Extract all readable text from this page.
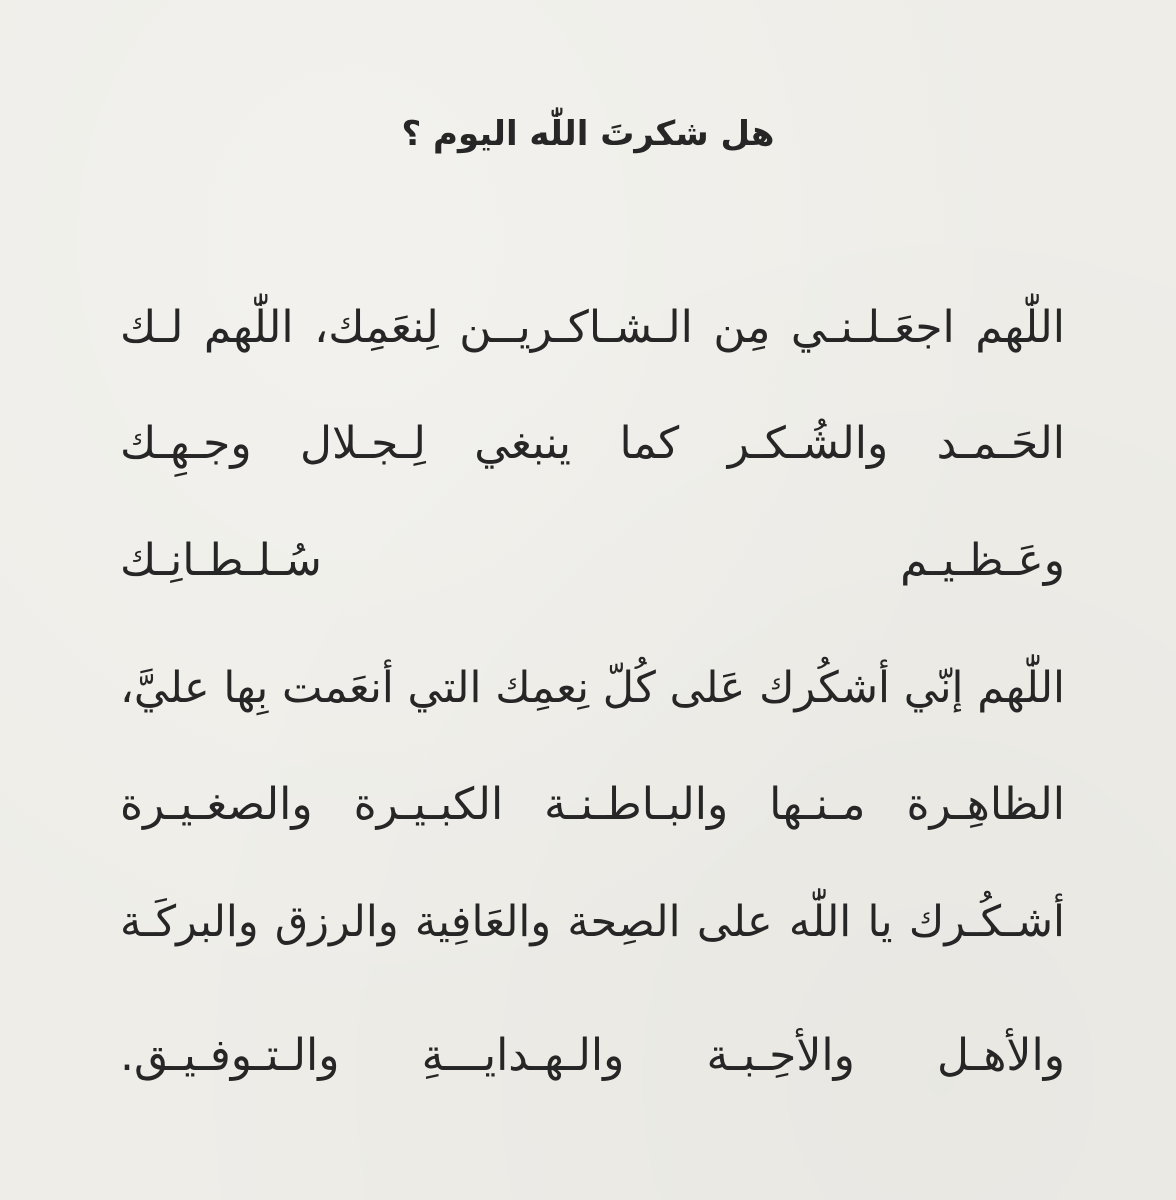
هل شكرتَ اللّٰه اليوم ؟
اللّٰهم اجعَـلـنـي مِن الـشـاكـريــن لِنعَمِك، اللّٰهم لـك
الحَـمـد والشُـكـر كما ينبغي لِـجـلال وجـهِـك
وعَـظـيـم سُـلـطـانِـك
اللّٰهم إنّي أشكُرك عَلى كُلّ نِعمِك التي أنعَمت بِها عليَّ،
الظاهِـرة مـنـها والبـاطـنـة الكبـيـرة والصغـيـرة
أشـكُـرك يا اللّٰه على الصِحة والعَافِية والرزق والبركَـة
والأهـل والأحِـبـة والـهـدايـــةِ والـتـوفـيـق.
